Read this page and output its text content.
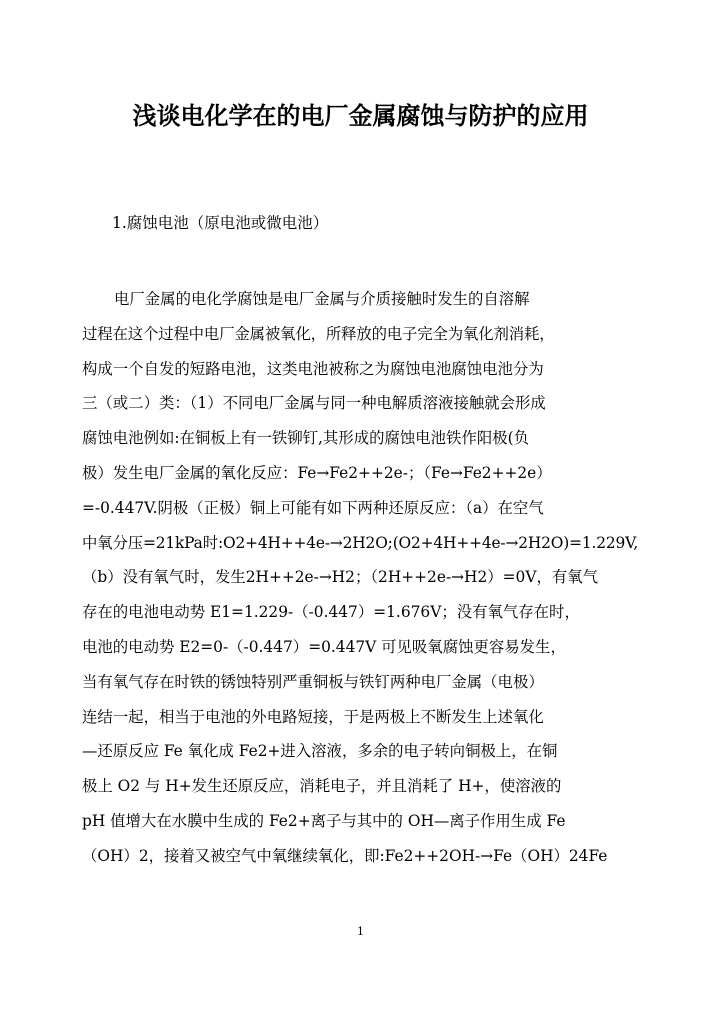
浅谈电化学在的电厂金属腐蚀与防护的应用
1.腐蚀电池（原电池或微电池）
电厂金属的电化学腐蚀是电厂金属与介质接触时发生的自溶解
过程在这个过程中电厂金属被氧化，所释放的电子完全为氧化剂消耗，
构成一个自发的短路电池，这类电池被称之为腐蚀电池腐蚀电池分为
三（或二）类：（1）不同电厂金属与同一种电解质溶液接触就会形成
腐蚀电池例如:在铜板上有一铁铆钉,其形成的腐蚀电池铁作阳极(负
极）发生电厂金属的氧化反应：Fe→Fe2++2e-；（Fe→Fe2++2e）
=-0.447V.阴极（正极）铜上可能有如下两种还原反应：（a）在空气
中氧分压=21kPa时:O2+4H++4e-→2H2O;(O2+4H++4e-→2H2O)=1.229V,
（b）没有氧气时，发生2H++2e-→H2；（2H++2e-→H2）=0V，有氧气
存在的电池电动势 E1=1.229-（-0.447）=1.676V；没有氧气存在时，
电池的电动势 E2=0-（-0.447）=0.447V 可见吸氧腐蚀更容易发生，
当有氧气存在时铁的锈蚀特别严重铜板与铁钉两种电厂金属（电极）
连结一起，相当于电池的外电路短接，于是两极上不断发生上述氧化
—还原反应 Fe 氧化成 Fe2+进入溶液，多余的电子转向铜极上，在铜
极上 O2 与 H+发生还原反应，消耗电子，并且消耗了 H+，使溶液的
pH 值增大在水膜中生成的 Fe2+离子与其中的 OH—离子作用生成 Fe
（OH）2，接着又被空气中氧继续氧化，即:Fe2++2OH-→Fe（OH）24Fe
1
